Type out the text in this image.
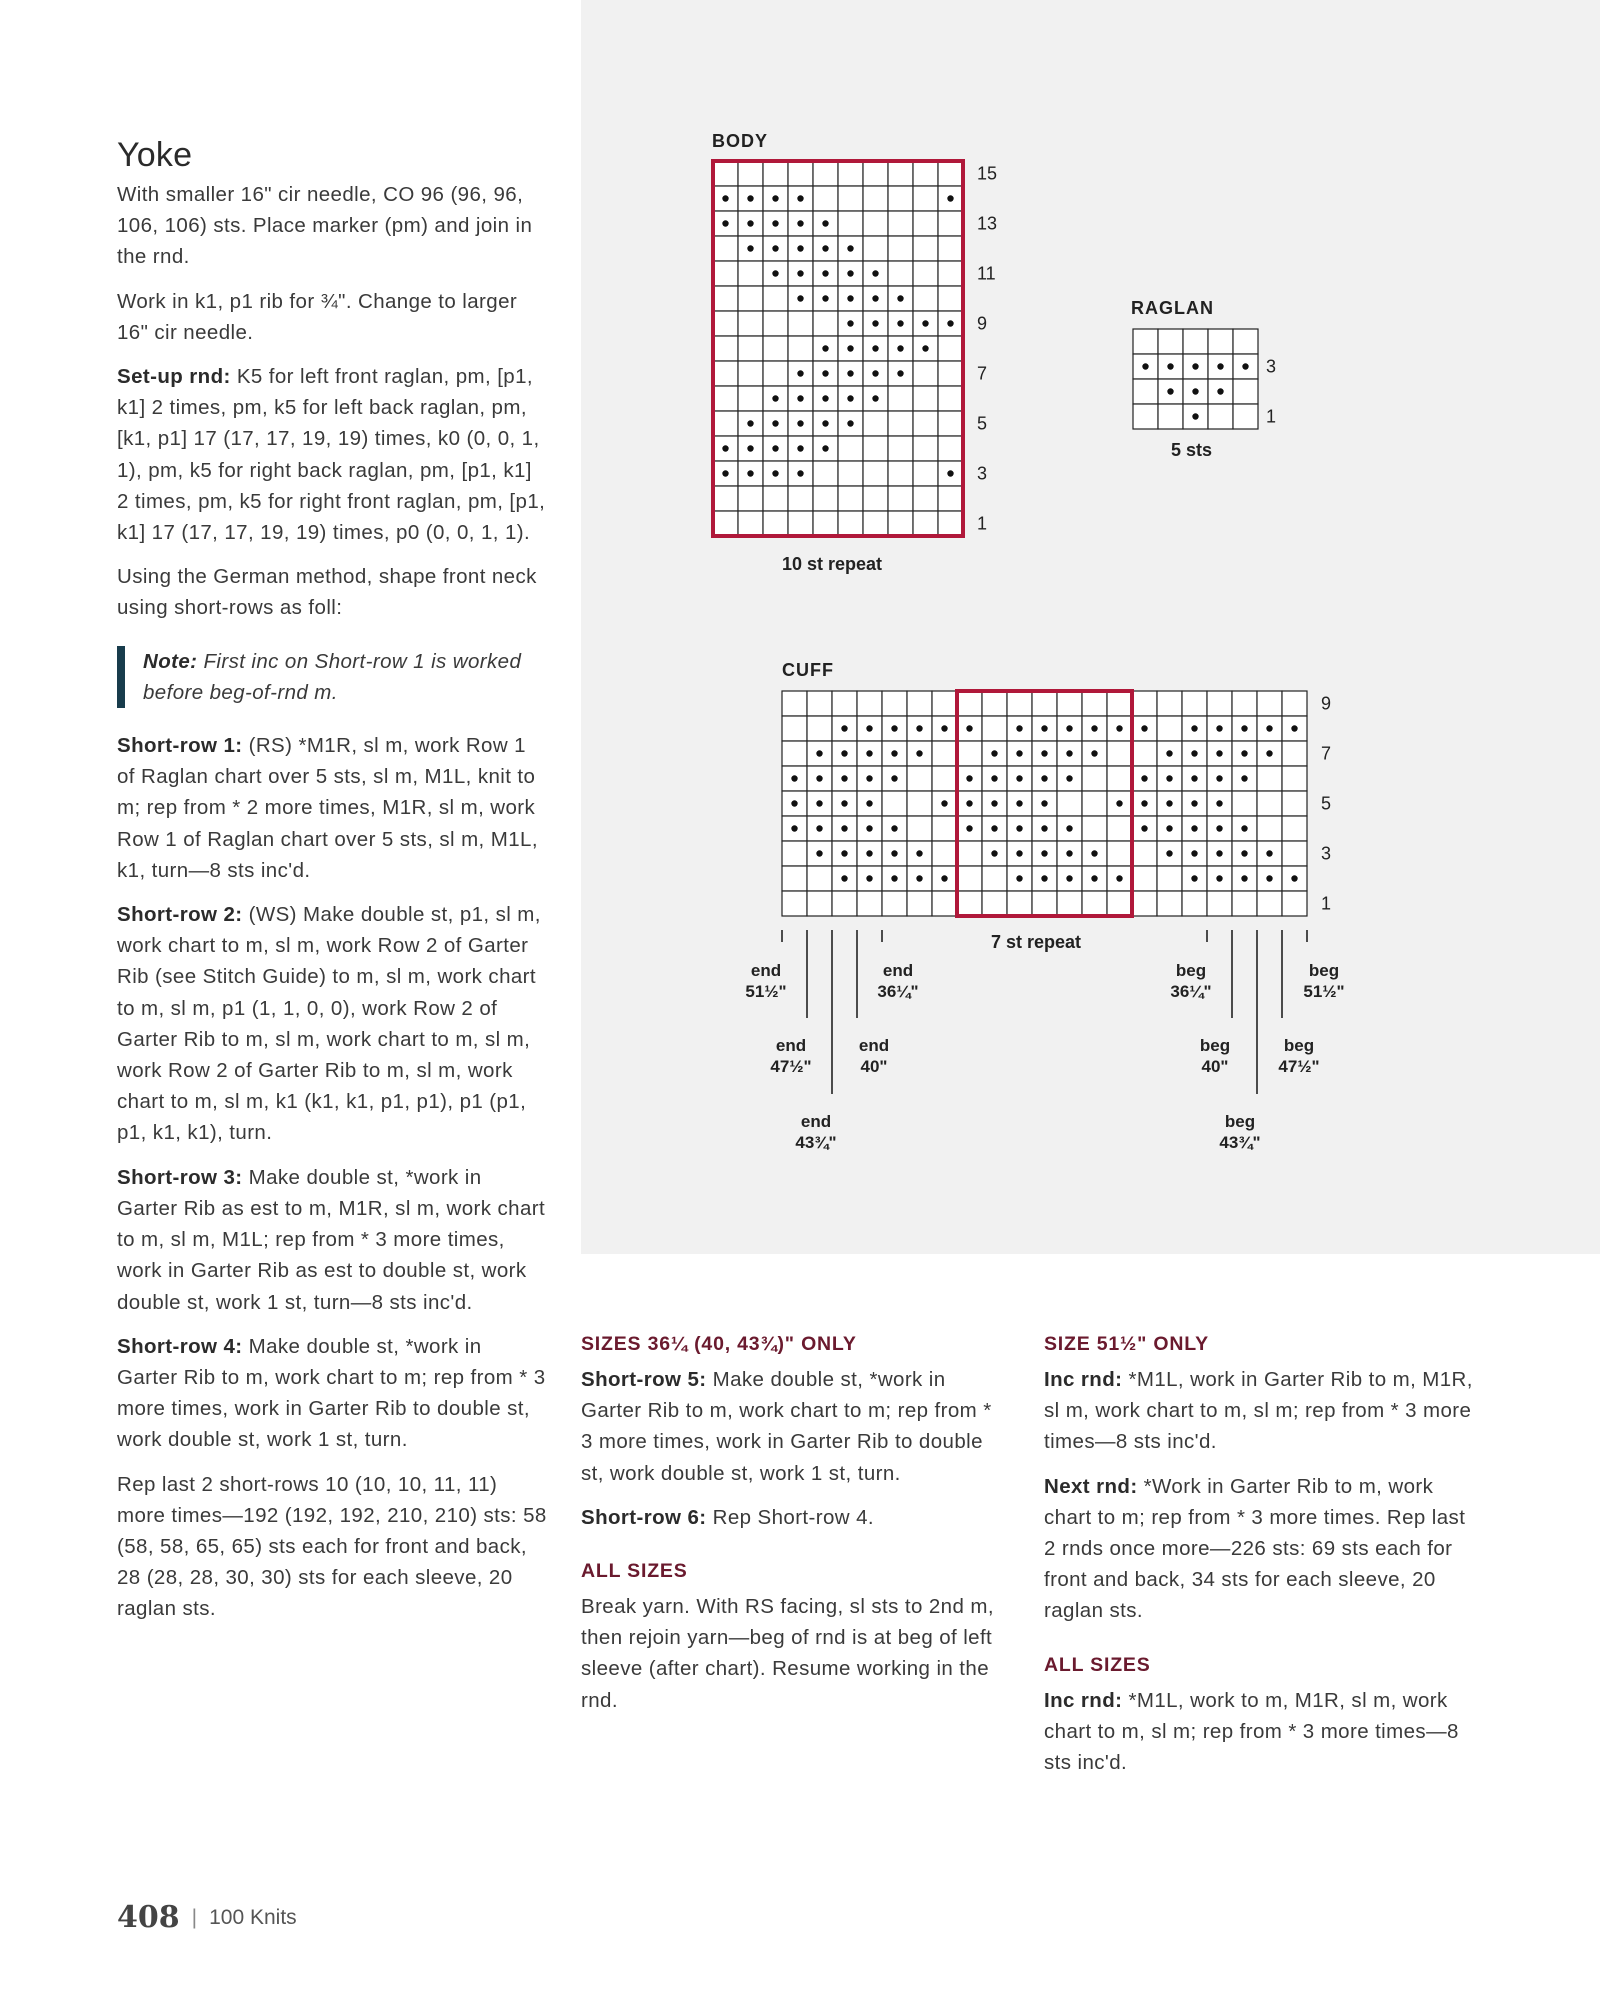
Yoke

With smaller 16" cir needle, CO 96 (96, 96, 106, 106) sts. Place marker (pm) and join in the rnd.

Work in k1, p1 rib for ¾". Change to larger 16" cir needle.

Set-up rnd: K5 for left front raglan, pm, [p1, k1] 2 times, pm, k5 for left back raglan, pm, [k1, p1] 17 (17, 17, 19, 19) times, k0 (0, 0, 1, 1), pm, k5 for right back raglan, pm, [p1, k1] 2 times, pm, k5 for right front raglan, pm, [p1, k1] 17 (17, 17, 19, 19) times, p0 (0, 0, 1, 1).

Using the German method, shape front neck using short-rows as foll:

Note: First inc on Short-row 1 is worked before beg-of-rnd m.

Short-row 1: (RS) *M1R, sl m, work Row 1 of Raglan chart over 5 sts, sl m, M1L, knit to m; rep from * 2 more times, M1R, sl m, work Row 1 of Raglan chart over 5 sts, sl m, M1L, k1, turn—8 sts inc'd.

Short-row 2: (WS) Make double st, p1, sl m, work chart to m, sl m, work Row 2 of Garter Rib (see Stitch Guide) to m, sl m, work chart to m, sl m, p1 (1, 1, 0, 0), work Row 2 of Garter Rib to m, sl m, work chart to m, sl m, work Row 2 of Garter Rib to m, sl m, work chart to m, sl m, k1 (k1, k1, p1, p1), p1 (p1, p1, k1, k1), turn.

Short-row 3: Make double st, *work in Garter Rib as est to m, M1R, sl m, work chart to m, sl m, M1L; rep from * 3 more times, work in Garter Rib as est to double st, work double st, work 1 st, turn—8 sts inc'd.

Short-row 4: Make double st, *work in Garter Rib to m, work chart to m; rep from * 3 more times, work in Garter Rib to double st, work double st, work 1 st, turn.

Rep last 2 short-rows 10 (10, 10, 11, 11) more times—192 (192, 192, 210, 210) sts: 58 (58, 58, 65, 65) sts each for front and back, 28 (28, 28, 30, 30) sts for each sleeve, 20 raglan sts.

SIZES 36¼ (40, 43¾)" ONLY

Short-row 5: Make double st, *work in Garter Rib to m, work chart to m; rep from * 3 more times, work in Garter Rib to double st, work double st, work 1 st, turn.

Short-row 6: Rep Short-row 4.

ALL SIZES

Break yarn. With RS facing, sl sts to 2nd m, then rejoin yarn—beg of rnd is at beg of left sleeve (after chart). Resume working in the rnd.

SIZE 51½" ONLY

Inc rnd: *M1L, work in Garter Rib to m, M1R, sl m, work chart to m, sl m; rep from * 3 more times—8 sts inc'd.

Next rnd: *Work in Garter Rib to m, work chart to m; rep from * 3 more times. Rep last 2 rnds once more—226 sts: 69 sts each for front and back, 34 sts for each sleeve, 20 raglan sts.

ALL SIZES

Inc rnd: *M1L, work to m, M1R, sl m, work chart to m, sl m; rep from * 3 more times—8 sts inc'd.

BODY
10 st repeat
1
3
5
7
9
11
13
15
RAGLAN
5 sts
1
3
CUFF
7 st repeat
1
3
5
7
9
end
51½"
end
47½"
end
43¾"
end
40"
end
36¼"
beg
36¼"
beg
40"
beg
43¾"
beg
47½"
beg
51½"
408 | 100 Knits
